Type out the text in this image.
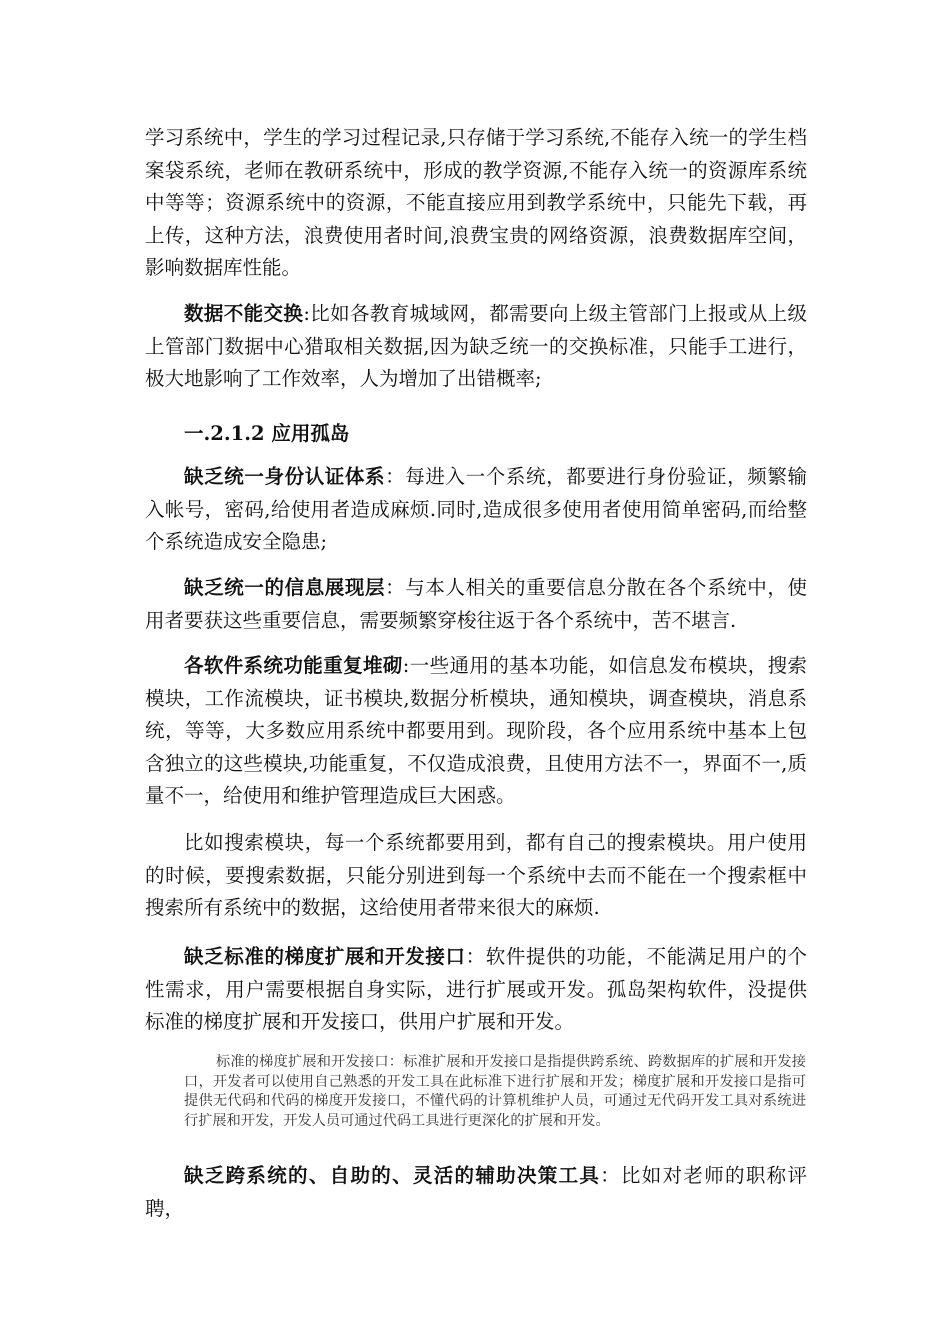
学习系统中，学生的学习过程记录,只存储于学习系统,不能存入统一的学生档案袋系统，老师在教研系统中，形成的教学资源,不能存入统一的资源库系统中等等；资源系统中的资源，不能直接应用到教学系统中，只能先下载，再上传，这种方法，浪费使用者时间,浪费宝贵的网络资源，浪费数据库空间，影响数据库性能。

数据不能交换:比如各教育城域网，都需要向上级主管部门上报或从上级上管部门数据中心猎取相关数据,因为缺乏统一的交换标准，只能手工进行，极大地影响了工作效率，人为增加了出错概率;

一.2.1.2 应用孤岛

缺乏统一身份认证体系：每进入一个系统，都要进行身份验证，频繁输入帐号，密码,给使用者造成麻烦.同时,造成很多使用者使用简单密码,而给整个系统造成安全隐患;

缺乏统一的信息展现层：与本人相关的重要信息分散在各个系统中，使用者要获这些重要信息，需要频繁穿梭往返于各个系统中，苦不堪言.

各软件系统功能重复堆砌:一些通用的基本功能，如信息发布模块，搜索模块，工作流模块，证书模块,数据分析模块，通知模块，调查模块，消息系统，等等，大多数应用系统中都要用到。现阶段，各个应用系统中基本上包含独立的这些模块,功能重复，不仅造成浪费，且使用方法不一，界面不一,质量不一，给使用和维护管理造成巨大困惑。

比如搜索模块，每一个系统都要用到，都有自己的搜索模块。用户使用的时候，要搜索数据，只能分别进到每一个系统中去而不能在一个搜索框中搜索所有系统中的数据，这给使用者带来很大的麻烦.

缺乏标准的梯度扩展和开发接口：软件提供的功能，不能满足用户的个性需求，用户需要根据自身实际，进行扩展或开发。孤岛架构软件，没提供标准的梯度扩展和开发接口，供用户扩展和开发。

标准的梯度扩展和开发接口：标准扩展和开发接口是指提供跨系统、跨数据库的扩展和开发接口，开发者可以使用自己熟悉的开发工具在此标准下进行扩展和开发；梯度扩展和开发接口是指可提供无代码和代码的梯度开发接口，不懂代码的计算机维护人员，可通过无代码开发工具对系统进行扩展和开发，开发人员可通过代码工具进行更深化的扩展和开发。

缺乏跨系统的、自助的、灵活的辅助决策工具：比如对老师的职称评聘，
